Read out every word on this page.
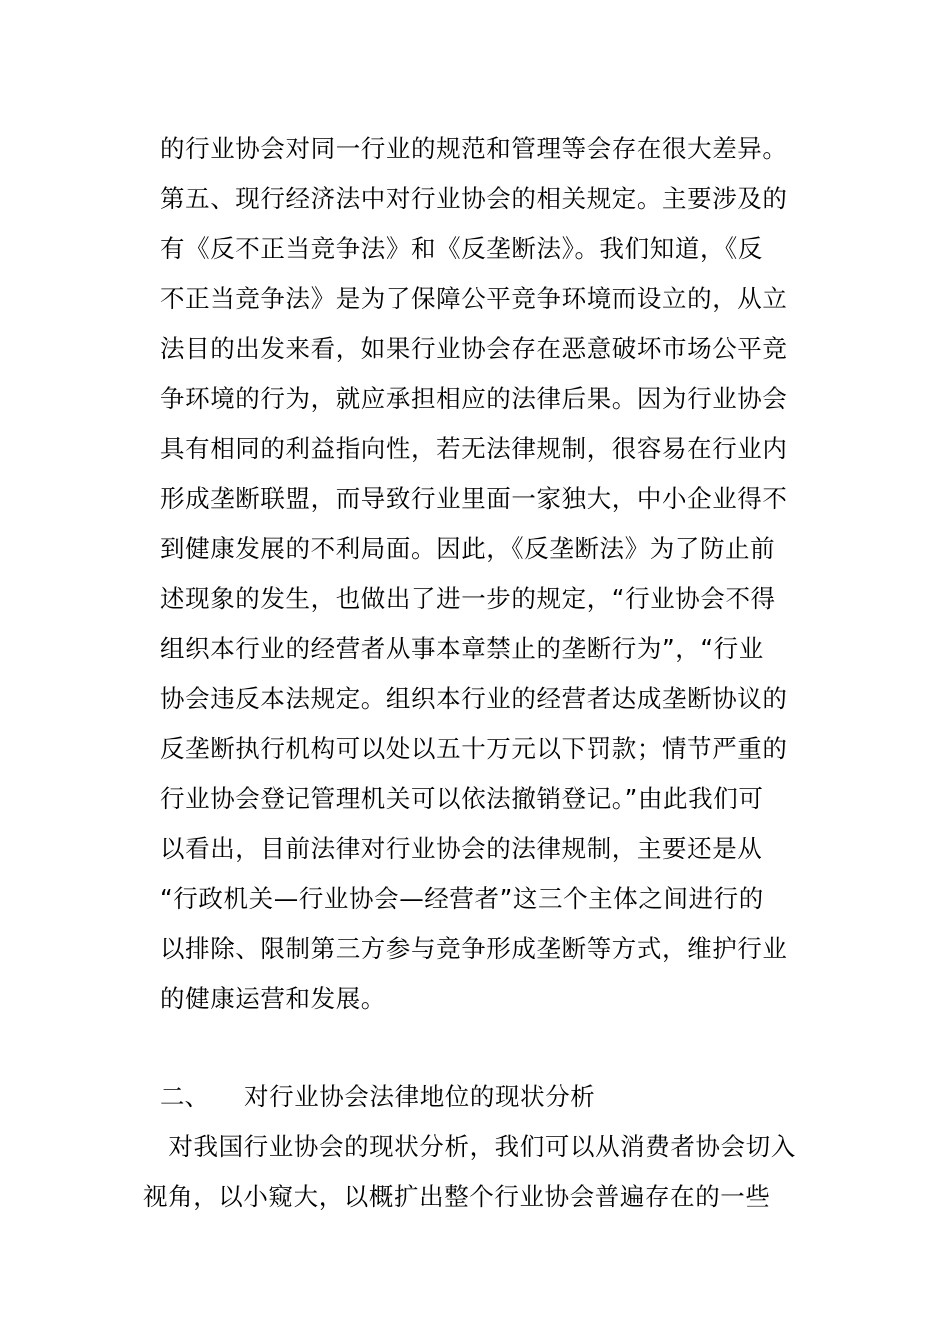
的行业协会对同一行业的规范和管理等会存在很大差异。
第五、现行经济法中对行业协会的相关规定。主要涉及的
有《反不正当竞争法》和《反垄断法》。我们知道，《反
不正当竞争法》是为了保障公平竞争环境而设立的，从立
法目的出发来看，如果行业协会存在恶意破坏市场公平竞
争环境的行为，就应承担相应的法律后果。因为行业协会
具有相同的利益指向性，若无法律规制，很容易在行业内
形成垄断联盟，而导致行业里面一家独大，中小企业得不
到健康发展的不利局面。因此，《反垄断法》为了防止前
述现象的发生，也做出了进一步的规定，“行业协会不得
组织本行业的经营者从事本章禁止的垄断行为”，“行业
协会违反本法规定。组织本行业的经营者达成垄断协议的
反垄断执行机构可以处以五十万元以下罚款；情节严重的
行业协会登记管理机关可以依法撤销登记。”由此我们可
以看出，目前法律对行业协会的法律规制，主要还是从
“行政机关—行业协会—经营者”这三个主体之间进行的
以排除、限制第三方参与竞争形成垄断等方式，维护行业
的健康运营和发展。
二、 对行业协会法律地位的现状分析
对我国行业协会的现状分析，我们可以从消费者协会切入
视角，以小窥大，以概扩出整个行业协会普遍存在的一些
